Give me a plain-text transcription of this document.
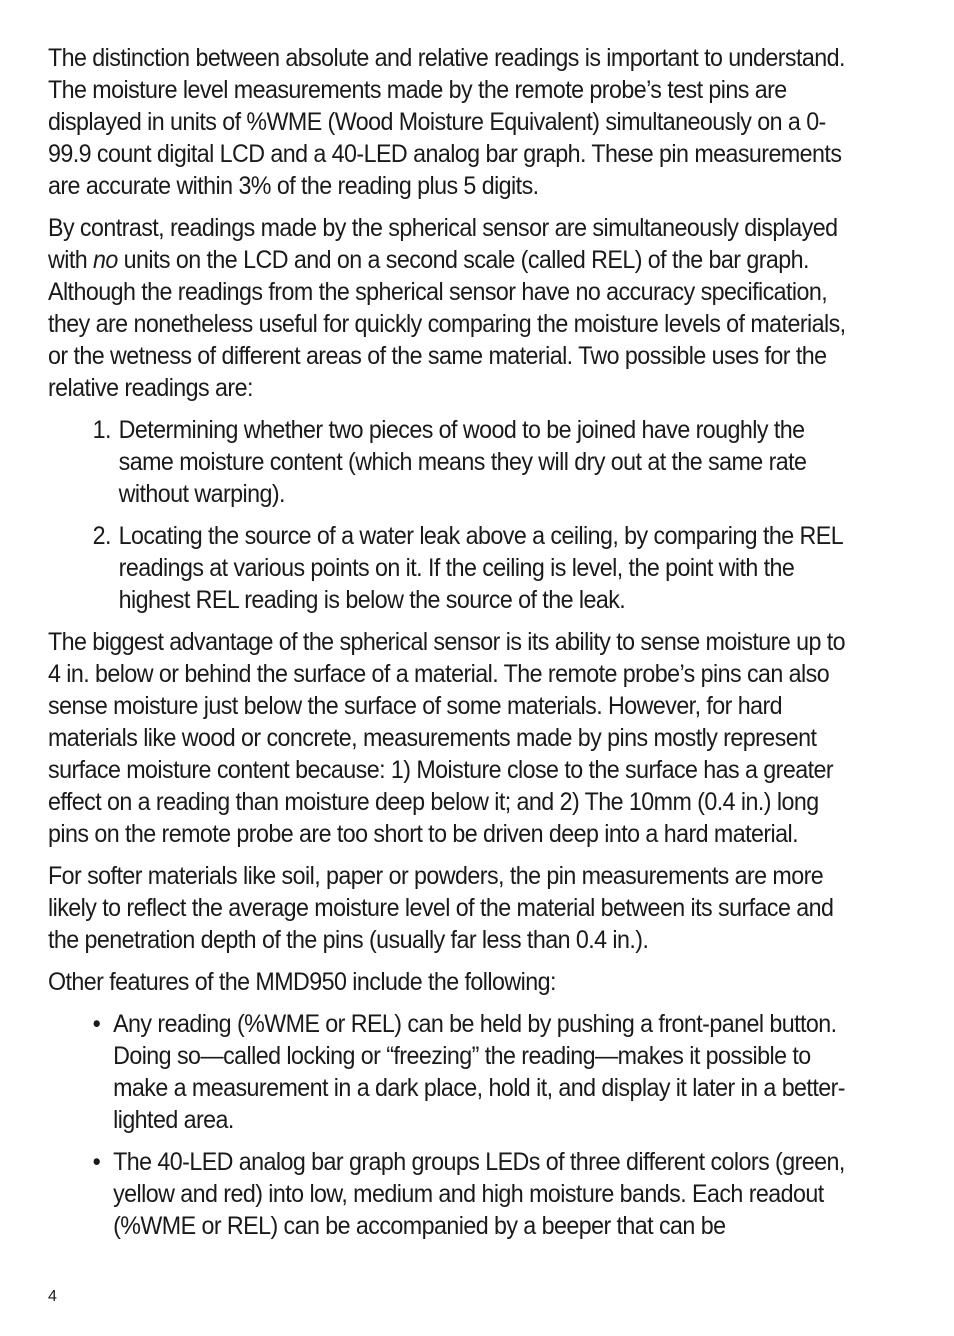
The distinction between absolute and relative readings is important to understand. The moisture level measurements made by the remote probe’s test pins are displayed in units of %WME (Wood Moisture Equivalent) simultaneously on a 0-99.9 count digital LCD and a 40-LED analog bar graph. These pin measurements are accurate within 3% of the reading plus 5 digits.

By contrast, readings made by the spherical sensor are simultaneously displayed with no units on the LCD and on a second scale (called REL) of the bar graph. Although the readings from the spherical sensor have no accuracy specification, they are nonetheless useful for quickly comparing the moisture levels of materials, or the wetness of different areas of the same material. Two possible uses for the relative readings are:

1. Determining whether two pieces of wood to be joined have roughly the same moisture content (which means they will dry out at the same rate without warping).
2. Locating the source of a water leak above a ceiling, by comparing the REL readings at various points on it. If the ceiling is level, the point with the highest REL reading is below the source of the leak.

The biggest advantage of the spherical sensor is its ability to sense moisture up to 4 in. below or behind the surface of a material. The remote probe’s pins can also sense moisture just below the surface of some materials. However, for hard materials like wood or concrete, measurements made by pins mostly represent surface moisture content because: 1) Moisture close to the surface has a greater effect on a reading than moisture deep below it; and 2) The 10mm (0.4 in.) long pins on the remote probe are too short to be driven deep into a hard material.

For softer materials like soil, paper or powders, the pin measurements are more likely to reflect the average moisture level of the material between its surface and the penetration depth of the pins (usually far less than 0.4 in.).

Other features of the MMD950 include the following:

• Any reading (%WME or REL) can be held by pushing a front-panel button. Doing so—called locking or “freezing” the reading—makes it possible to make a measurement in a dark place, hold it, and display it later in a better-lighted area.
• The 40-LED analog bar graph groups LEDs of three different colors (green, yellow and red) into low, medium and high moisture bands. Each readout (%WME or REL) can be accompanied by a beeper that can be
4
